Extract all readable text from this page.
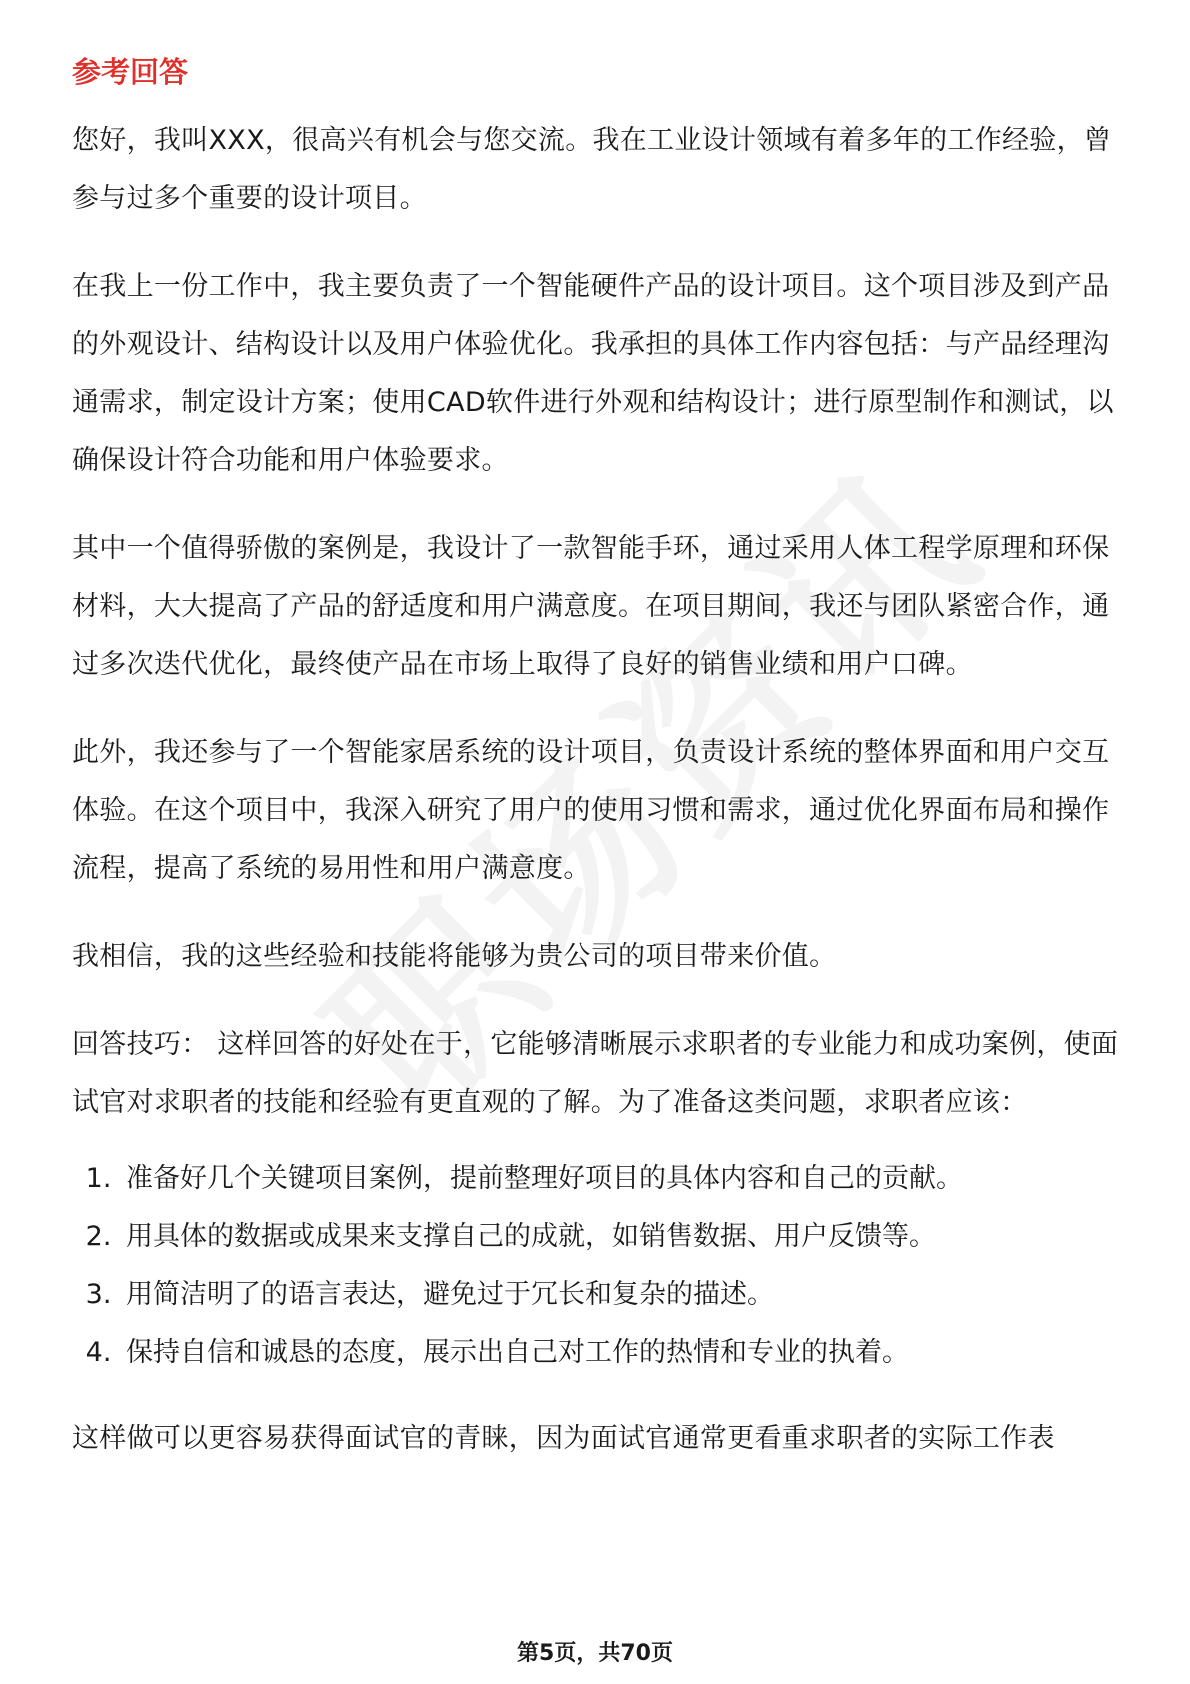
参考回答

您好，我叫XXX，很高兴有机会与您交流。我在工业设计领域有着多年的工作经验，曾参与过多个重要的设计项目。

在我上一份工作中，我主要负责了一个智能硬件产品的设计项目。这个项目涉及到产品的外观设计、结构设计以及用户体验优化。我承担的具体工作内容包括：与产品经理沟通需求，制定设计方案；使用CAD软件进行外观和结构设计；进行原型制作和测试，以确保设计符合功能和用户体验要求。

其中一个值得骄傲的案例是，我设计了一款智能手环，通过采用人体工程学原理和环保材料，大大提高了产品的舒适度和用户满意度。在项目期间，我还与团队紧密合作，通过多次迭代优化，最终使产品在市场上取得了良好的销售业绩和用户口碑。

此外，我还参与了一个智能家居系统的设计项目，负责设计系统的整体界面和用户交互体验。在这个项目中，我深入研究了用户的使用习惯和需求，通过优化界面布局和操作流程，提高了系统的易用性和用户满意度。

我相信，我的这些经验和技能将能够为贵公司的项目带来价值。

回答技巧： 这样回答的好处在于，它能够清晰展示求职者的专业能力和成功案例，使面试官对求职者的技能和经验有更直观的了解。为了准备这类问题，求职者应该：

1. 准备好几个关键项目案例，提前整理好项目的具体内容和自己的贡献。
2. 用具体的数据或成果来支撑自己的成就，如销售数据、用户反馈等。
3. 用简洁明了的语言表达，避免过于冗长和复杂的描述。
4. 保持自信和诚恳的态度，展示出自己对工作的热情和专业的执着。

这样做可以更容易获得面试官的青睐，因为面试官通常更看重求职者的实际工作表

第5页，共70页
